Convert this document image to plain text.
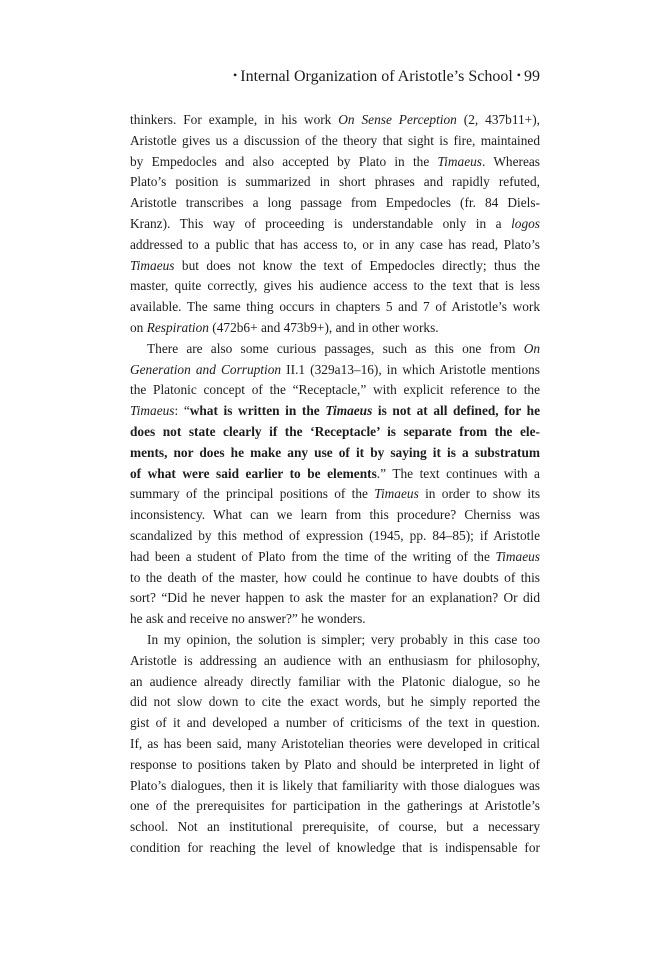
• Internal Organization of Aristotle’s School • 99
thinkers. For example, in his work On Sense Perception (2, 437b11+),
Aristotle gives us a discussion of the theory that sight is fire, maintained
by Empedocles and also accepted by Plato in the Timaeus. Whereas
Plato’s position is summarized in short phrases and rapidly refuted,
Aristotle transcribes a long passage from Empedocles (fr. 84 Diels-
Kranz). This way of proceeding is understandable only in a logos
addressed to a public that has access to, or in any case has read, Plato’s
Timaeus but does not know the text of Empedocles directly; thus the
master, quite correctly, gives his audience access to the text that is less
available. The same thing occurs in chapters 5 and 7 of Aristotle’s work
on Respiration (472b6+ and 473b9+), and in other works.
There are also some curious passages, such as this one from On
Generation and Corruption II.1 (329a13–16), in which Aristotle mentions
the Platonic concept of the “Receptacle,” with explicit reference to the
Timaeus: “what is written in the Timaeus is not at all defined, for he
does not state clearly if the ‘Receptacle’ is separate from the ele-
ments, nor does he make any use of it by saying it is a substratum
of what were said earlier to be elements.” The text continues with a
summary of the principal positions of the Timaeus in order to show its
inconsistency. What can we learn from this procedure? Cherniss was
scandalized by this method of expression (1945, pp. 84–85); if Aristotle
had been a student of Plato from the time of the writing of the Timaeus
to the death of the master, how could he continue to have doubts of this
sort? “Did he never happen to ask the master for an explanation? Or did
he ask and receive no answer?” he wonders.
In my opinion, the solution is simpler; very probably in this case too
Aristotle is addressing an audience with an enthusiasm for philosophy,
an audience already directly familiar with the Platonic dialogue, so he
did not slow down to cite the exact words, but he simply reported the
gist of it and developed a number of criticisms of the text in question.
If, as has been said, many Aristotelian theories were developed in critical
response to positions taken by Plato and should be interpreted in light of
Plato’s dialogues, then it is likely that familiarity with those dialogues was
one of the prerequisites for participation in the gatherings at Aristotle’s
school. Not an institutional prerequisite, of course, but a necessary
condition for reaching the level of knowledge that is indispensable for
